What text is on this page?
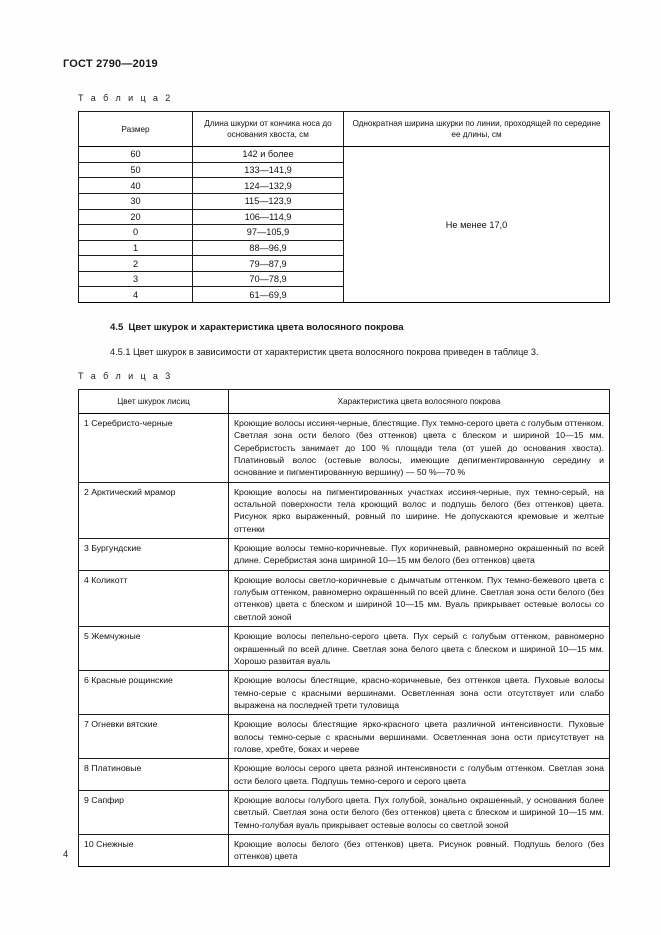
ГОСТ 2790—2019
Т а б л и ц а 2
Размер	Длина шкурки от кончика носа до основания хвоста, см	Однократная ширина шкурки по линии, проходящей по середине ее длины, см
60	142 и более	Не менее 17,0
50	133—141,9	
40	124—132,9	
30	115—123,9	
20	106—114,9	
0	97—105,9	
1	88—96,9	
2	79—87,9	
3	70—78,9	
4	61—69,9	
4.5 Цвет шкурок и характеристика цвета волосяного покрова
4.5.1 Цвет шкурок в зависимости от характеристик цвета волосяного покрова приведен в таблице 3.
Т а б л и ц а 3
Цвет шкурок лисиц	Характеристика цвета волосяного покрова
1 Серебристо-черные	Кроющие волосы иссиня-черные, блестящие. Пух темно-серого цвета с голубым оттенком. Светлая зона ости белого (без оттенков) цвета с блеском и шириной 10—15 мм. Серебристость занимает до 100 % площади тела (от ушей до основания хвоста). Платиновый волос (остевые волосы, имеющие депигментированную середину и основание и пигментированную вершину) — 50 %—70 %
2 Арктический мрамор	Кроющие волосы на пигментированных участках иссиня-черные, пух темно-серый, на остальной поверхности тела кроющий волос и подпушь белого (без оттенков) цвета. Рисунок ярко выраженный, ровный по ширине. Не допускаются кремовые и желтые оттенки
3 Бургундские	Кроющие волосы темно-коричневые. Пух коричневый, равномерно окрашенный по всей длине. Серебристая зона шириной 10—15 мм белого (без оттенков) цвета
4 Коликотт	Кроющие волосы светло-коричневые с дымчатым оттенком. Пух темно-бежевого цвета с голубым оттенком, равномерно окрашенный по всей длине. Светлая зона ости белого (без оттенков) цвета с блеском и шириной 10—15 мм. Вуаль прикрывает остевые волосы со светлой зоной
5 Жемчужные	Кроющие волосы пепельно-серого цвета. Пух серый с голубым оттенком, равномерно окрашенный по всей длине. Светлая зона белого цвета с блеском и шириной 10—15 мм. Хорошо развитая вуаль
6 Красные рощинские	Кроющие волосы блестящие, красно-коричневые, без оттенков цвета. Пуховые волосы темно-серые с красными вершинами. Осветленная зона ости отсутствует или слабо выражена на последней трети туловища
7 Огневки вятские	Кроющие волосы блестящие ярко-красного цвета различной интенсивности. Пуховые волосы темно-серые с красными вершинами. Осветленная зона ости присутствует на голове, хребте, боках и череве
8 Платиновые	Кроющие волосы серого цвета разной интенсивности с голубым оттенком. Светлая зона ости белого цвета. Подпушь темно-серого и серого цвета
9 Сапфир	Кроющие волосы голубого цвета. Пух голубой, зонально окрашенный, у основания более светлый. Светлая зона ости белого (без оттенков) цвета с блеском и шириной 10—15 мм. Темно-голубая вуаль прикрывает остевые волосы со светлой зоной
10 Снежные	Кроющие волосы белого (без оттенков) цвета. Рисунок ровный. Подпушь белого (без оттенков) цвета
4
